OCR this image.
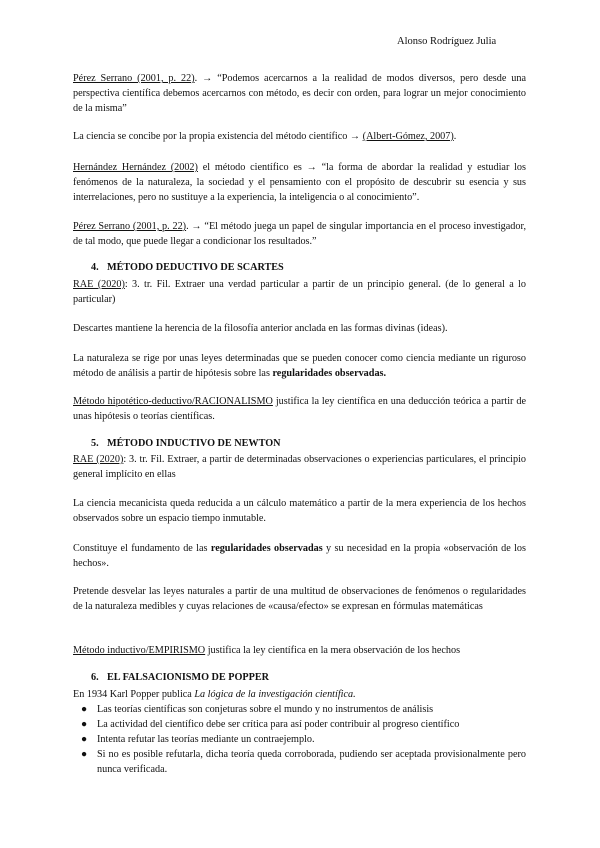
Alonso Rodríguez Julia
Pérez Serrano (2001, p. 22). → “Podemos acercarnos a la realidad de modos diversos, pero desde una perspectiva científica debemos acercarnos con método, es decir con orden, para lograr un mejor conocimiento de la misma”
La ciencia se concibe por la propia existencia del método científico → (Albert-Gómez, 2007).
Hernández Hernández (2002) el método científico es → “la forma de abordar la realidad y estudiar los fenómenos de la naturaleza, la sociedad y el pensamiento con el propósito de descubrir su esencia y sus interrelaciones, pero no sustituye a la experiencia, la inteligencia o al conocimiento”.
Pérez Serrano (2001, p. 22). → “El método juega un papel de singular importancia en el proceso investigador, de tal modo, que puede llegar a condicionar los resultados.”
4. MÉTODO DEDUCTIVO DE SCARTES
RAE (2020): 3. tr. Fil. Extraer una verdad particular a partir de un principio general. (de lo general a lo particular)
Descartes mantiene la herencia de la filosofía anterior anclada en las formas divinas (ideas).
La naturaleza se rige por unas leyes determinadas que se pueden conocer como ciencia mediante un riguroso método de análisis a partir de hipótesis sobre las regularidades observadas.
Método hipotético-deductivo/RACIONALISMO justifica la ley científica en una deducción teórica a partir de unas hipótesis o teorías científicas.
5. MÉTODO INDUCTIVO DE NEWTON
RAE (2020): 3. tr. Fil. Extraer, a partir de determinadas observaciones o experiencias particulares, el principio general implícito en ellas
La ciencia mecanicista queda reducida a un cálculo matemático a partir de la mera experiencia de los hechos observados sobre un espacio tiempo inmutable.
Constituye el fundamento de las regularidades observadas y su necesidad en la propia «observación de los hechos».
Pretende desvelar las leyes naturales a partir de una multitud de observaciones de fenómenos o regularidades de la naturaleza medibles y cuyas relaciones de «causa/efecto» se expresan en fórmulas matemáticas
Método inductivo/EMPIRISMO justifica la ley científica en la mera observación de los hechos
6. EL FALSACIONISMO DE POPPER
En 1934 Karl Popper publica La lógica de la investigación científica.
● Las teorías científicas son conjeturas sobre el mundo y no instrumentos de análisis
● La actividad del científico debe ser crítica para así poder contribuir al progreso científico
● Intenta refutar las teorías mediante un contraejemplo.
● Si no es posible refutarla, dicha teoría queda corroborada, pudiendo ser aceptada provisionalmente pero nunca verificada.
